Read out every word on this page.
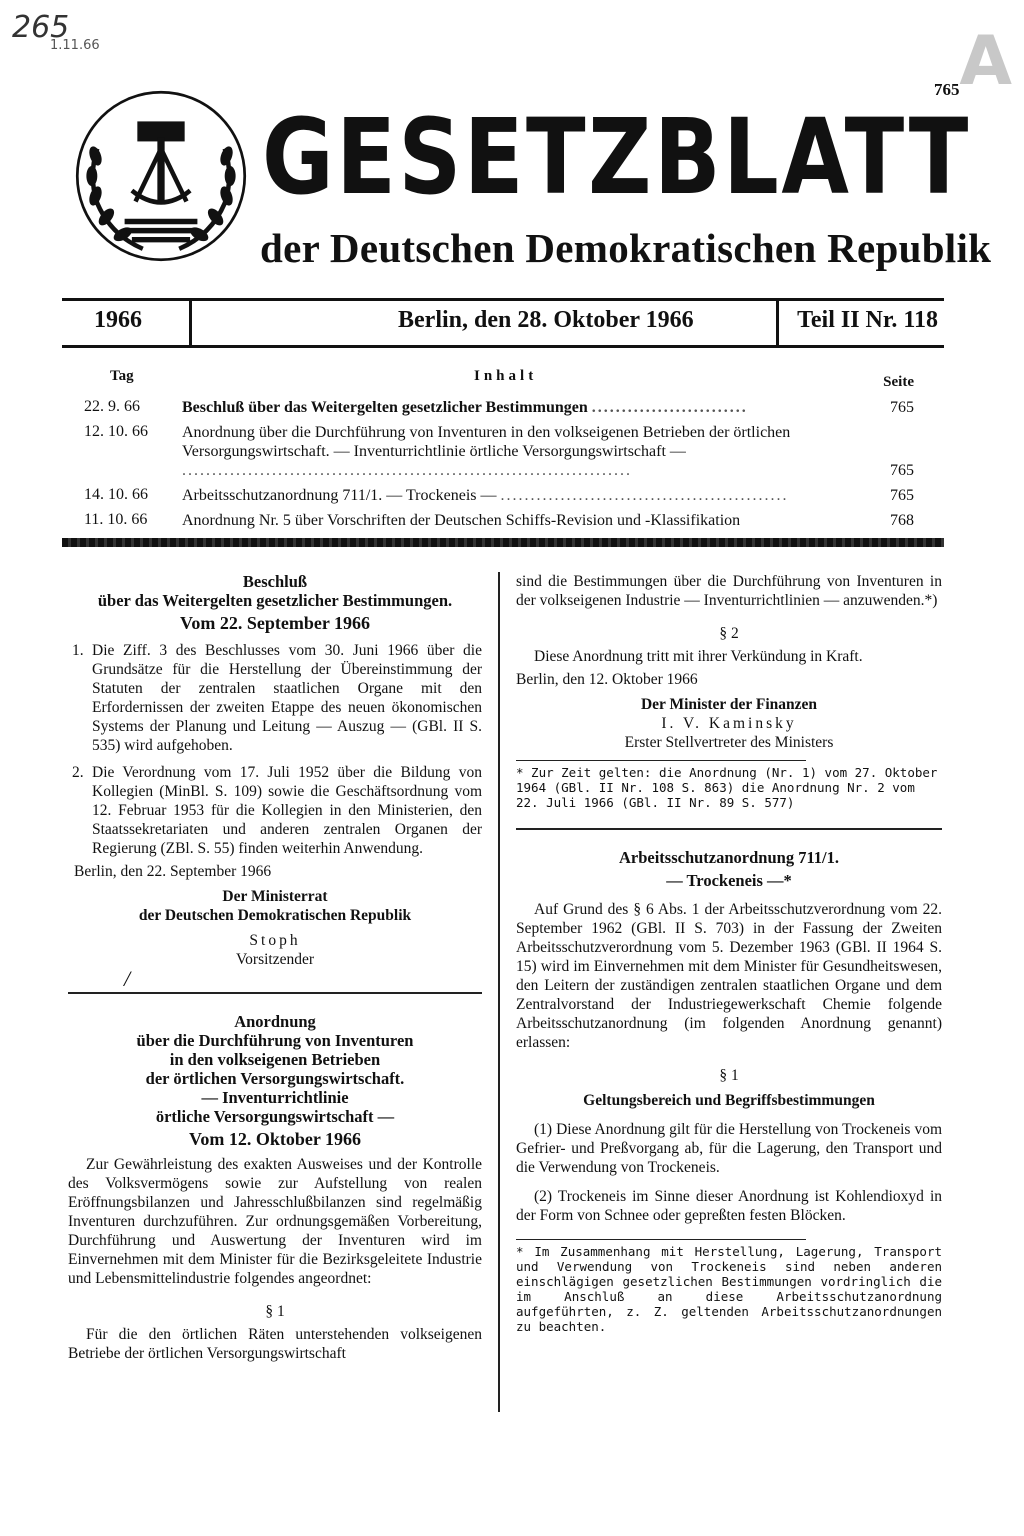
265
1.11.66	A
765
GESETZBLATT
der Deutschen Demokratischen Republik
1966	Berlin, den 28. Oktober 1966	Teil II Nr. 118
Tag	Inhalt	Seite
22. 9. 66	Beschluß über das Weitergelten gesetzlicher Bestimmungen ..........................	765
12. 10. 66	Anordnung über die Durchführung von Inventuren in den volkseigenen Betrieben der örtlichen Versorgungswirtschaft. — Inventurrichtlinie örtliche Versorgungswirtschaft — ...........................................................................	765
14. 10. 66	Arbeitsschutzanordnung 711/1. — Trockeneis — ................................................	765
11. 10. 66	Anordnung Nr. 5 über Vorschriften der Deutschen Schiffs-Revision und -Klassifikation	768
Beschluß
über das Weitergelten gesetzlicher Bestimmungen.
Vom 22. September 1966
1. Die Ziff. 3 des Beschlusses vom 30. Juni 1966 über die Grundsätze für die Herstellung der Übereinstimmung der Statuten der zentralen staatlichen Organe mit den Erfordernissen der zweiten Etappe des neuen ökonomischen Systems der Planung und Leitung — Auszug — (GBl. II S. 535) wird aufgehoben.
2. Die Verordnung vom 17. Juli 1952 über die Bildung von Kollegien (MinBl. S. 109) sowie die Geschäftsordnung vom 12. Februar 1953 für die Kollegien in den Ministerien, den Staatssekretariaten und anderen zentralen Organen der Regierung (ZBl. S. 55) finden weiterhin Anwendung.
Berlin, den 22. September 1966
Der Ministerrat
der Deutschen Demokratischen Republik
Stoph
Vorsitzender
/
Anordnung
über die Durchführung von Inventuren
in den volkseigenen Betrieben
der örtlichen Versorgungswirtschaft.
— Inventurrichtlinie
örtliche Versorgungswirtschaft —
Vom 12. Oktober 1966
Zur Gewährleistung des exakten Ausweises und der Kontrolle des Volksvermögens sowie zur Aufstellung von realen Eröffnungsbilanzen und Jahresschlußbilanzen sind regelmäßig Inventuren durchzuführen. Zur ordnungsgemäßen Vorbereitung, Durchführung und Auswertung der Inventuren wird im Einvernehmen mit dem Minister für die Bezirksgeleitete Industrie und Lebensmittelindustrie folgendes angeordnet:
§ 1
Für die den örtlichen Räten unterstehenden volkseigenen Betriebe der örtlichen Versorgungswirtschaft
sind die Bestimmungen über die Durchführung von Inventuren in der volkseigenen Industrie — Inventurrichtlinien — anzuwenden.*)
§ 2
Diese Anordnung tritt mit ihrer Verkündung in Kraft.
Berlin, den 12. Oktober 1966
Der Minister der Finanzen
I. V. Kaminsky
Erster Stellvertreter des Ministers
* Zur Zeit gelten: die Anordnung (Nr. 1) vom 27. Oktober 1964 (GBl. II Nr. 108 S. 863) die Anordnung Nr. 2 vom 22. Juli 1966 (GBl. II Nr. 89 S. 577)
Arbeitsschutzanordnung 711/1.
— Trockeneis —*
Auf Grund des § 6 Abs. 1 der Arbeitsschutzverordnung vom 22. September 1962 (GBl. II S. 703) in der Fassung der Zweiten Arbeitsschutzverordnung vom 5. Dezember 1963 (GBl. II 1964 S. 15) wird im Einvernehmen mit dem Minister für Gesundheitswesen, den Leitern der zuständigen zentralen staatlichen Organe und dem Zentralvorstand der Industriegewerkschaft Chemie folgende Arbeitsschutzanordnung (im folgenden Anordnung genannt) erlassen:
§ 1
Geltungsbereich und Begriffsbestimmungen
(1) Diese Anordnung gilt für die Herstellung von Trockeneis vom Gefrier- und Preßvorgang ab, für die Lagerung, den Transport und die Verwendung von Trockeneis.
(2) Trockeneis im Sinne dieser Anordnung ist Kohlendioxyd in der Form von Schnee oder gepreßten festen Blöcken.
* Im Zusammenhang mit Herstellung, Lagerung, Transport und Verwendung von Trockeneis sind neben anderen einschlägigen gesetzlichen Bestimmungen vordringlich die im Anschluß an diese Arbeitsschutzanordnung aufgeführten, z. Z. geltenden Arbeitsschutzanordnungen zu beachten.
